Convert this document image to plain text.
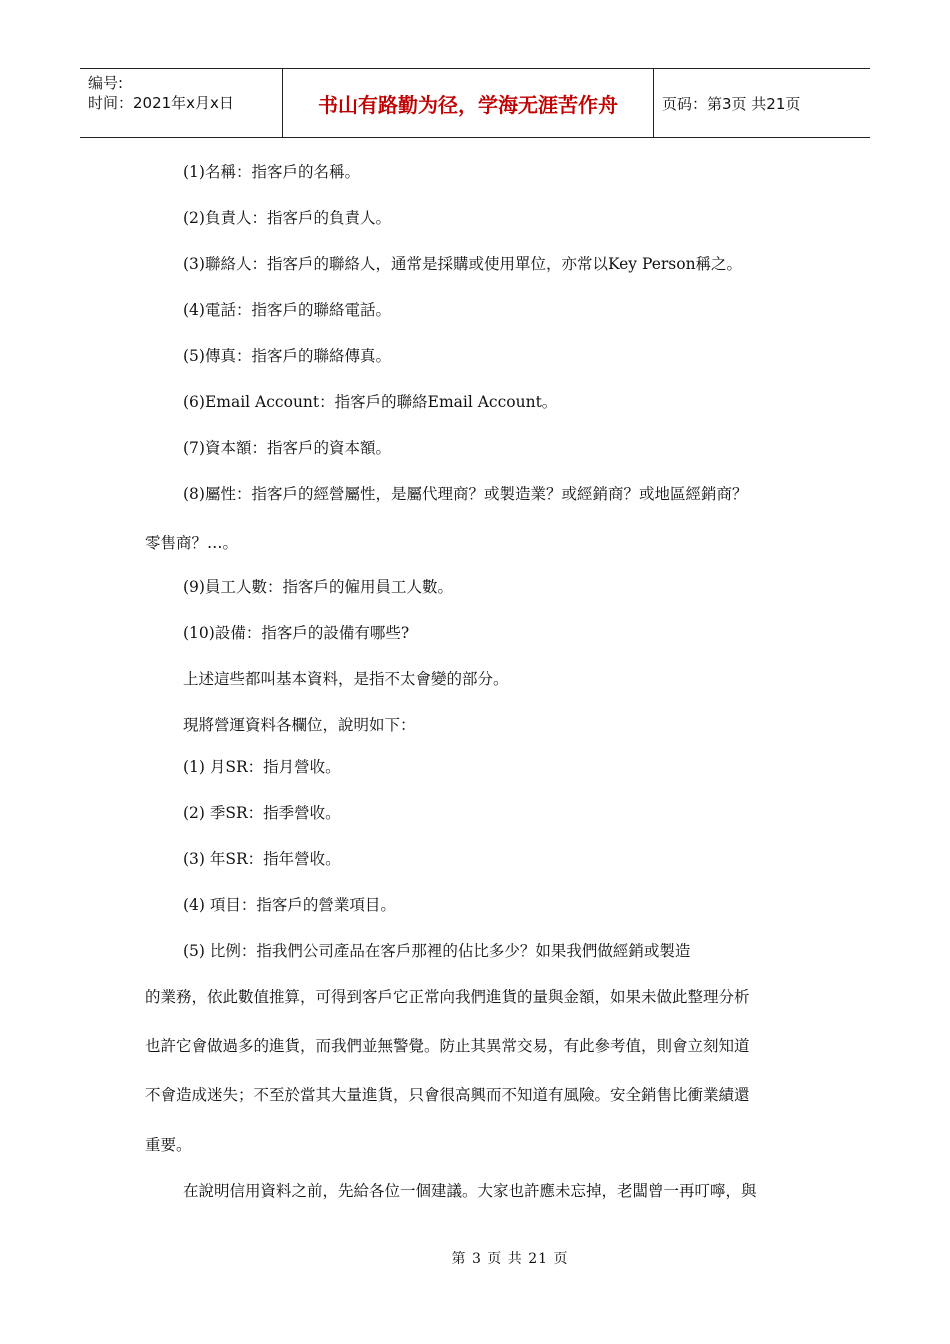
编号:
时间：2021年x月x日	书山有路勤为径，学海无涯苦作舟	页码：第3页 共21页
(1)名稱：指客戶的名稱。
(2)負責人：指客戶的負責人。
(3)聯絡人：指客戶的聯絡人，通常是採購或使用單位，亦常以Key Person稱之。
(4)電話：指客戶的聯絡電話。
(5)傳真：指客戶的聯絡傳真。
(6)Email Account：指客戶的聯絡Email Account。
(7)資本額：指客戶的資本額。
(8)屬性：指客戶的經營屬性，是屬代理商？或製造業？或經銷商？或地區經銷商？
零售商？…。
(9)員工人數：指客戶的僱用員工人數。
(10)設備：指客戶的設備有哪些?
上述這些都叫基本資料，是指不太會變的部分。
現將營運資料各欄位，說明如下：
(1) 月SR：指月營收。
(2) 季SR：指季營收。
(3) 年SR：指年營收。
(4) 項目：指客戶的營業項目。
(5) 比例：指我們公司產品在客戶那裡的佔比多少？如果我們做經銷或製造
的業務，依此數值推算，可得到客戶它正常向我們進貨的量與金額，如果未做此整理分析
也許它會做過多的進貨，而我們並無警覺。防止其異常交易，有此參考值，則會立刻知道
不會造成迷失；不至於當其大量進貨，只會很高興而不知道有風險。安全銷售比衝業績還
重要。
在說明信用資料之前，先給各位一個建議。大家也許應未忘掉，老闆曾一再叮嚀，與
第 3 页 共 21 页
